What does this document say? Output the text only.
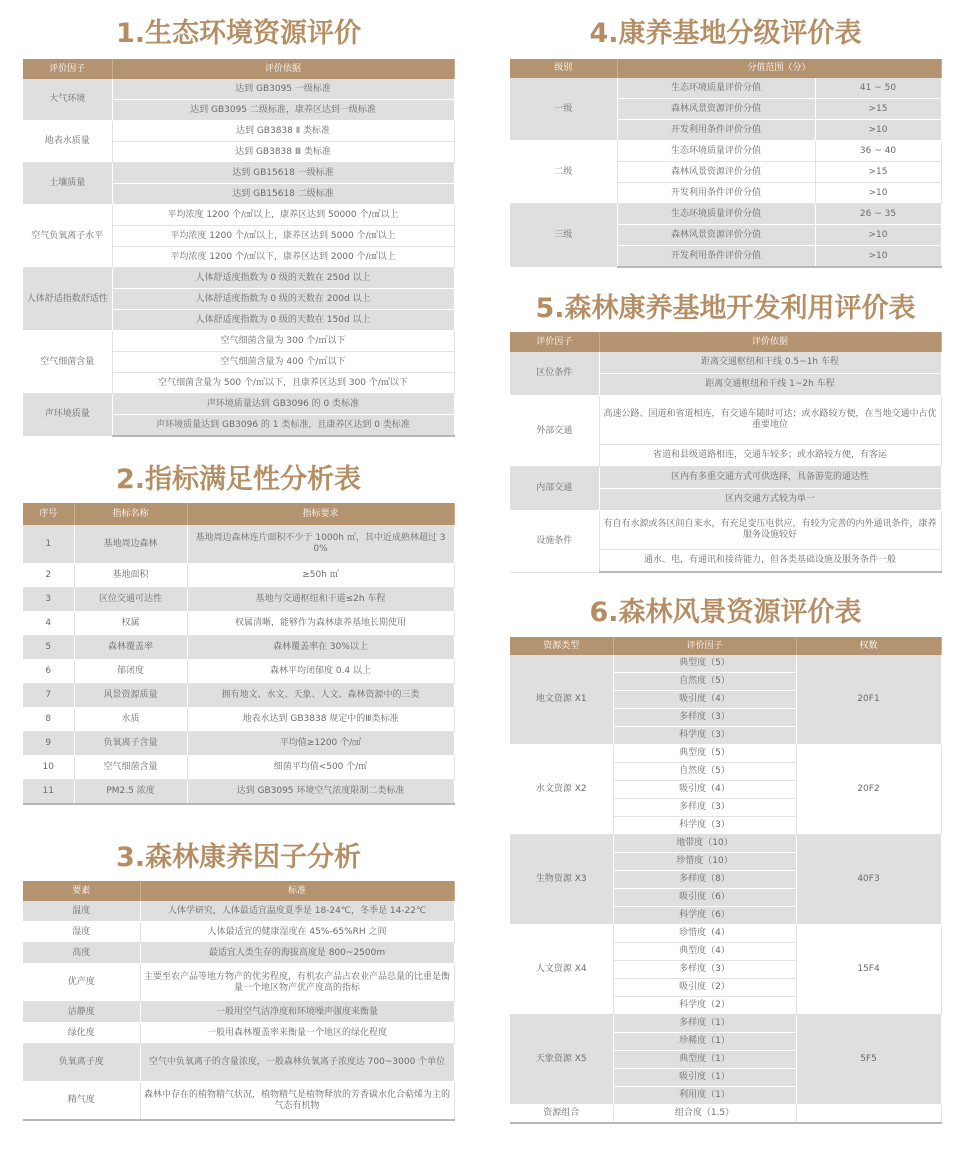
1.生态环境资源评价
评价因子	评价依据
大气环境	达到 GB3095 一级标准
	达到 GB3095 二级标准，康养区达到一级标准
地表水质量	达到 GB3838 Ⅱ 类标准
	达到 GB3838 Ⅲ 类标准
土壤质量	达到 GB15618 一级标准
	达到 GB15618 二级标准
空气负氧离子水平	平均浓度 1200 个/㎤以上，康养区达到 50000 个/㎤以上
	平均浓度 1200 个/㎤以上，康养区达到 5000 个/㎤以上
	平均浓度 1200 个/㎤以下，康养区达到 2000 个/㎤以上
人体舒适指数舒适性	人体舒适度指数为 0 级的天数在 250d 以上
	人体舒适度指数为 0 级的天数在 200d 以上
	人体舒适度指数为 0 级的天数在 150d 以上
空气细菌含量	空气细菌含量为 300 个/㎥以下
	空气细菌含量为 400 个/㎥以下
	空气细菌含量为 500 个/㎥以下，且康养区达到 300 个/㎥以下
声环境质量	声环境质量达到 GB3096 的 0 类标准
	声环境质量达到 GB3096 的 1 类标准，且康养区达到 0 类标准
2.指标满足性分析表
序号	指标名称	指标要求
1	基地周边森林	基地周边森林连片面积不少于 1000h ㎡，其中近成熟林超过 30%
2	基地面积	≥50h ㎡
3	区位交通可达性	基地与交通枢纽和干道≤2h 车程
4	权属	权属清晰，能够作为森林康养基地长期使用
5	森林覆盖率	森林覆盖率在 30%以上
6	郁闭度	森林平均闭郁度 0.4 以上
7	风景资源质量	拥有地文、水文、天象、人文、森林资源中的三类
8	水质	地表水达到 GB3838 规定中的Ⅲ类标准
9	负氧离子含量	平均值≥1200 个/㎤
10	空气细菌含量	细菌平均值<500 个/㎥
11	PM2.5 浓度	达到 GB3095 环境空气浓度限制二类标准
3.森林康养因子分析
要素	标准
温度	人体学研究，人体最适宜温度夏季是 18-24℃，冬季是 14-22℃
湿度	人体最适宜的健康湿度在 45%-65%RH 之间
高度	最适宜人类生存的海拔高度是 800~2500m
优产度	主要至农产品等地方物产的优劣程度，有机农产品占农业产品总量的比重是衡量一个地区物产优产度高的指标
洁静度	一般用空气洁净度和环境噪声强度来衡量
绿化度	一般用森林覆盖率来衡量一个地区的绿化程度
负氧离子度	空气中负氧离子的含量浓度，一般森林负氧离子浓度达 700~3000 个单位
精气度	森林中存在的植物精气状况，植物精气是植物释放的芳香碳水化合萜烯为主的气态有机物
4.康养基地分级评价表
级别	分值范围（分）	
一级	生态环境质量评价分值	41 ~ 50
	森林风景资源评价分值	>15
	开发利用条件评价分值	>10
二级	生态环境质量评价分值	36 ~ 40
	森林风景资源评价分值	>15
	开发利用条件评价分值	>10
三级	生态环境质量评价分值	26 ~ 35
	森林风景资源评价分值	>10
	开发利用条件评价分值	>10
5.森林康养基地开发利用评价表
评价因子	评价依据
区位条件	距离交通枢纽和干线 0.5~1h 车程
	距离交通枢纽和干线 1~2h 车程
外部交通	高速公路、国道和省道相连，有交通车随时可达；或水路较方便，在当地交通中占优重要地位
	省道和县级道路相连，交通车较多；或水路较方便，有客运
内部交通	区内有多重交通方式可供选择，具备游览的通达性
	区内交通方式较为单一
设施条件	有自有水源或各区间自来水，有充足变压电供应，有较为完善的内外通讯条件，康养服务设施较好
	通水、电，有通讯和接待能力，但各类基础设施及服务条件一般
6.森林风景资源评价表
资源类型	评价因子	权数
地文资源 X1	典型度（5）	20F1
	自然度（5）	
	吸引度（4）	
	多样度（3）	
	科学度（3）	
水文资源 X2	典型度（5）	20F2
	自然度（5）	
	吸引度（4）	
	多样度（3）	
	科学度（3）	
生物资源 X3	地带度（10）	40F3
	珍惜度（10）	
	多样度（8）	
	吸引度（6）	
	科学度（6）	
人文资源 X4	珍惜度（4）	15F4
	典型度（4）	
	多样度（3）	
	吸引度（2）	
	科学度（2）	
天象资源 X5	多样度（1）	5F5
	珍稀度（1）	
	典型度（1）	
	吸引度（1）	
	利用度（1）	
资源组合	组合度（1.5）	
